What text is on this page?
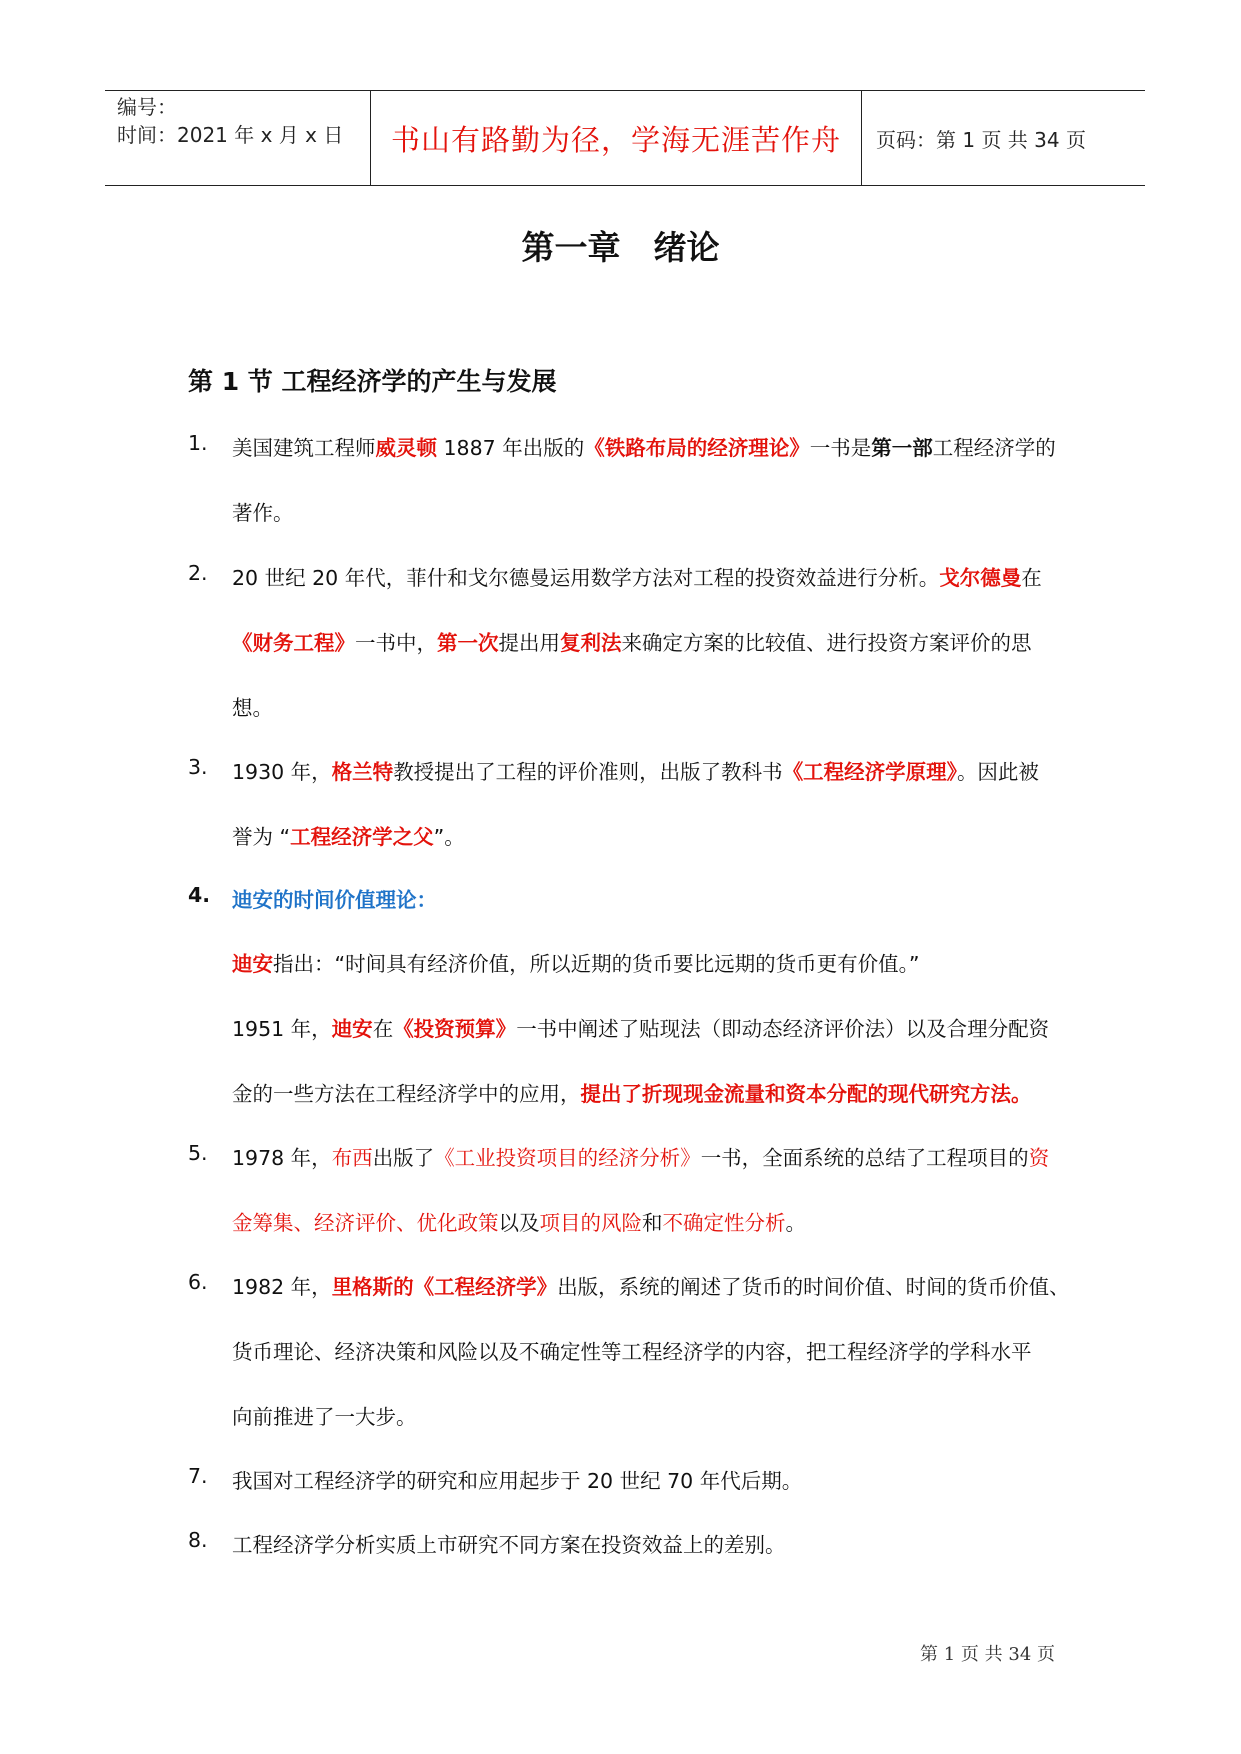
编号：
时间：2021 年 x 月 x 日 书山有路勤为径，学海无涯苦作舟 页码：第 1 页 共 34 页
第一章　绪论
第 1 节 工程经济学的产生与发展
1. 美国建筑工程师威灵顿 1887 年出版的《铁路布局的经济理论》一书是第一部工程经济学的
著作。
2. 20 世纪 20 年代，菲什和戈尔德曼运用数学方法对工程的投资效益进行分析。戈尔德曼在
《财务工程》一书中，第一次提出用复利法来确定方案的比较值、进行投资方案评价的思
想。
3. 1930 年，格兰特教授提出了工程的评价准则，出版了教科书《工程经济学原理》。因此被
誉为 “工程经济学之父”。
4. 迪安的时间价值理论：
迪安指出：“时间具有经济价值，所以近期的货币要比远期的货币更有价值。”
1951 年，迪安在《投资预算》一书中阐述了贴现法（即动态经济评价法）以及合理分配资
金的一些方法在工程经济学中的应用，提出了折现现金流量和资本分配的现代研究方法。
5. 1978 年，布西出版了《工业投资项目的经济分析》一书，全面系统的总结了工程项目的资
金筹集、经济评价、优化政策以及项目的风险和不确定性分析。
6. 1982 年，里格斯的《工程经济学》出版，系统的阐述了货币的时间价值、时间的货币价值、
货币理论、经济决策和风险以及不确定性等工程经济学的内容，把工程经济学的学科水平
向前推进了一大步。
7. 我国对工程经济学的研究和应用起步于 20 世纪 70 年代后期。
8. 工程经济学分析实质上市研究不同方案在投资效益上的差别。
第 1 页 共 34 页
